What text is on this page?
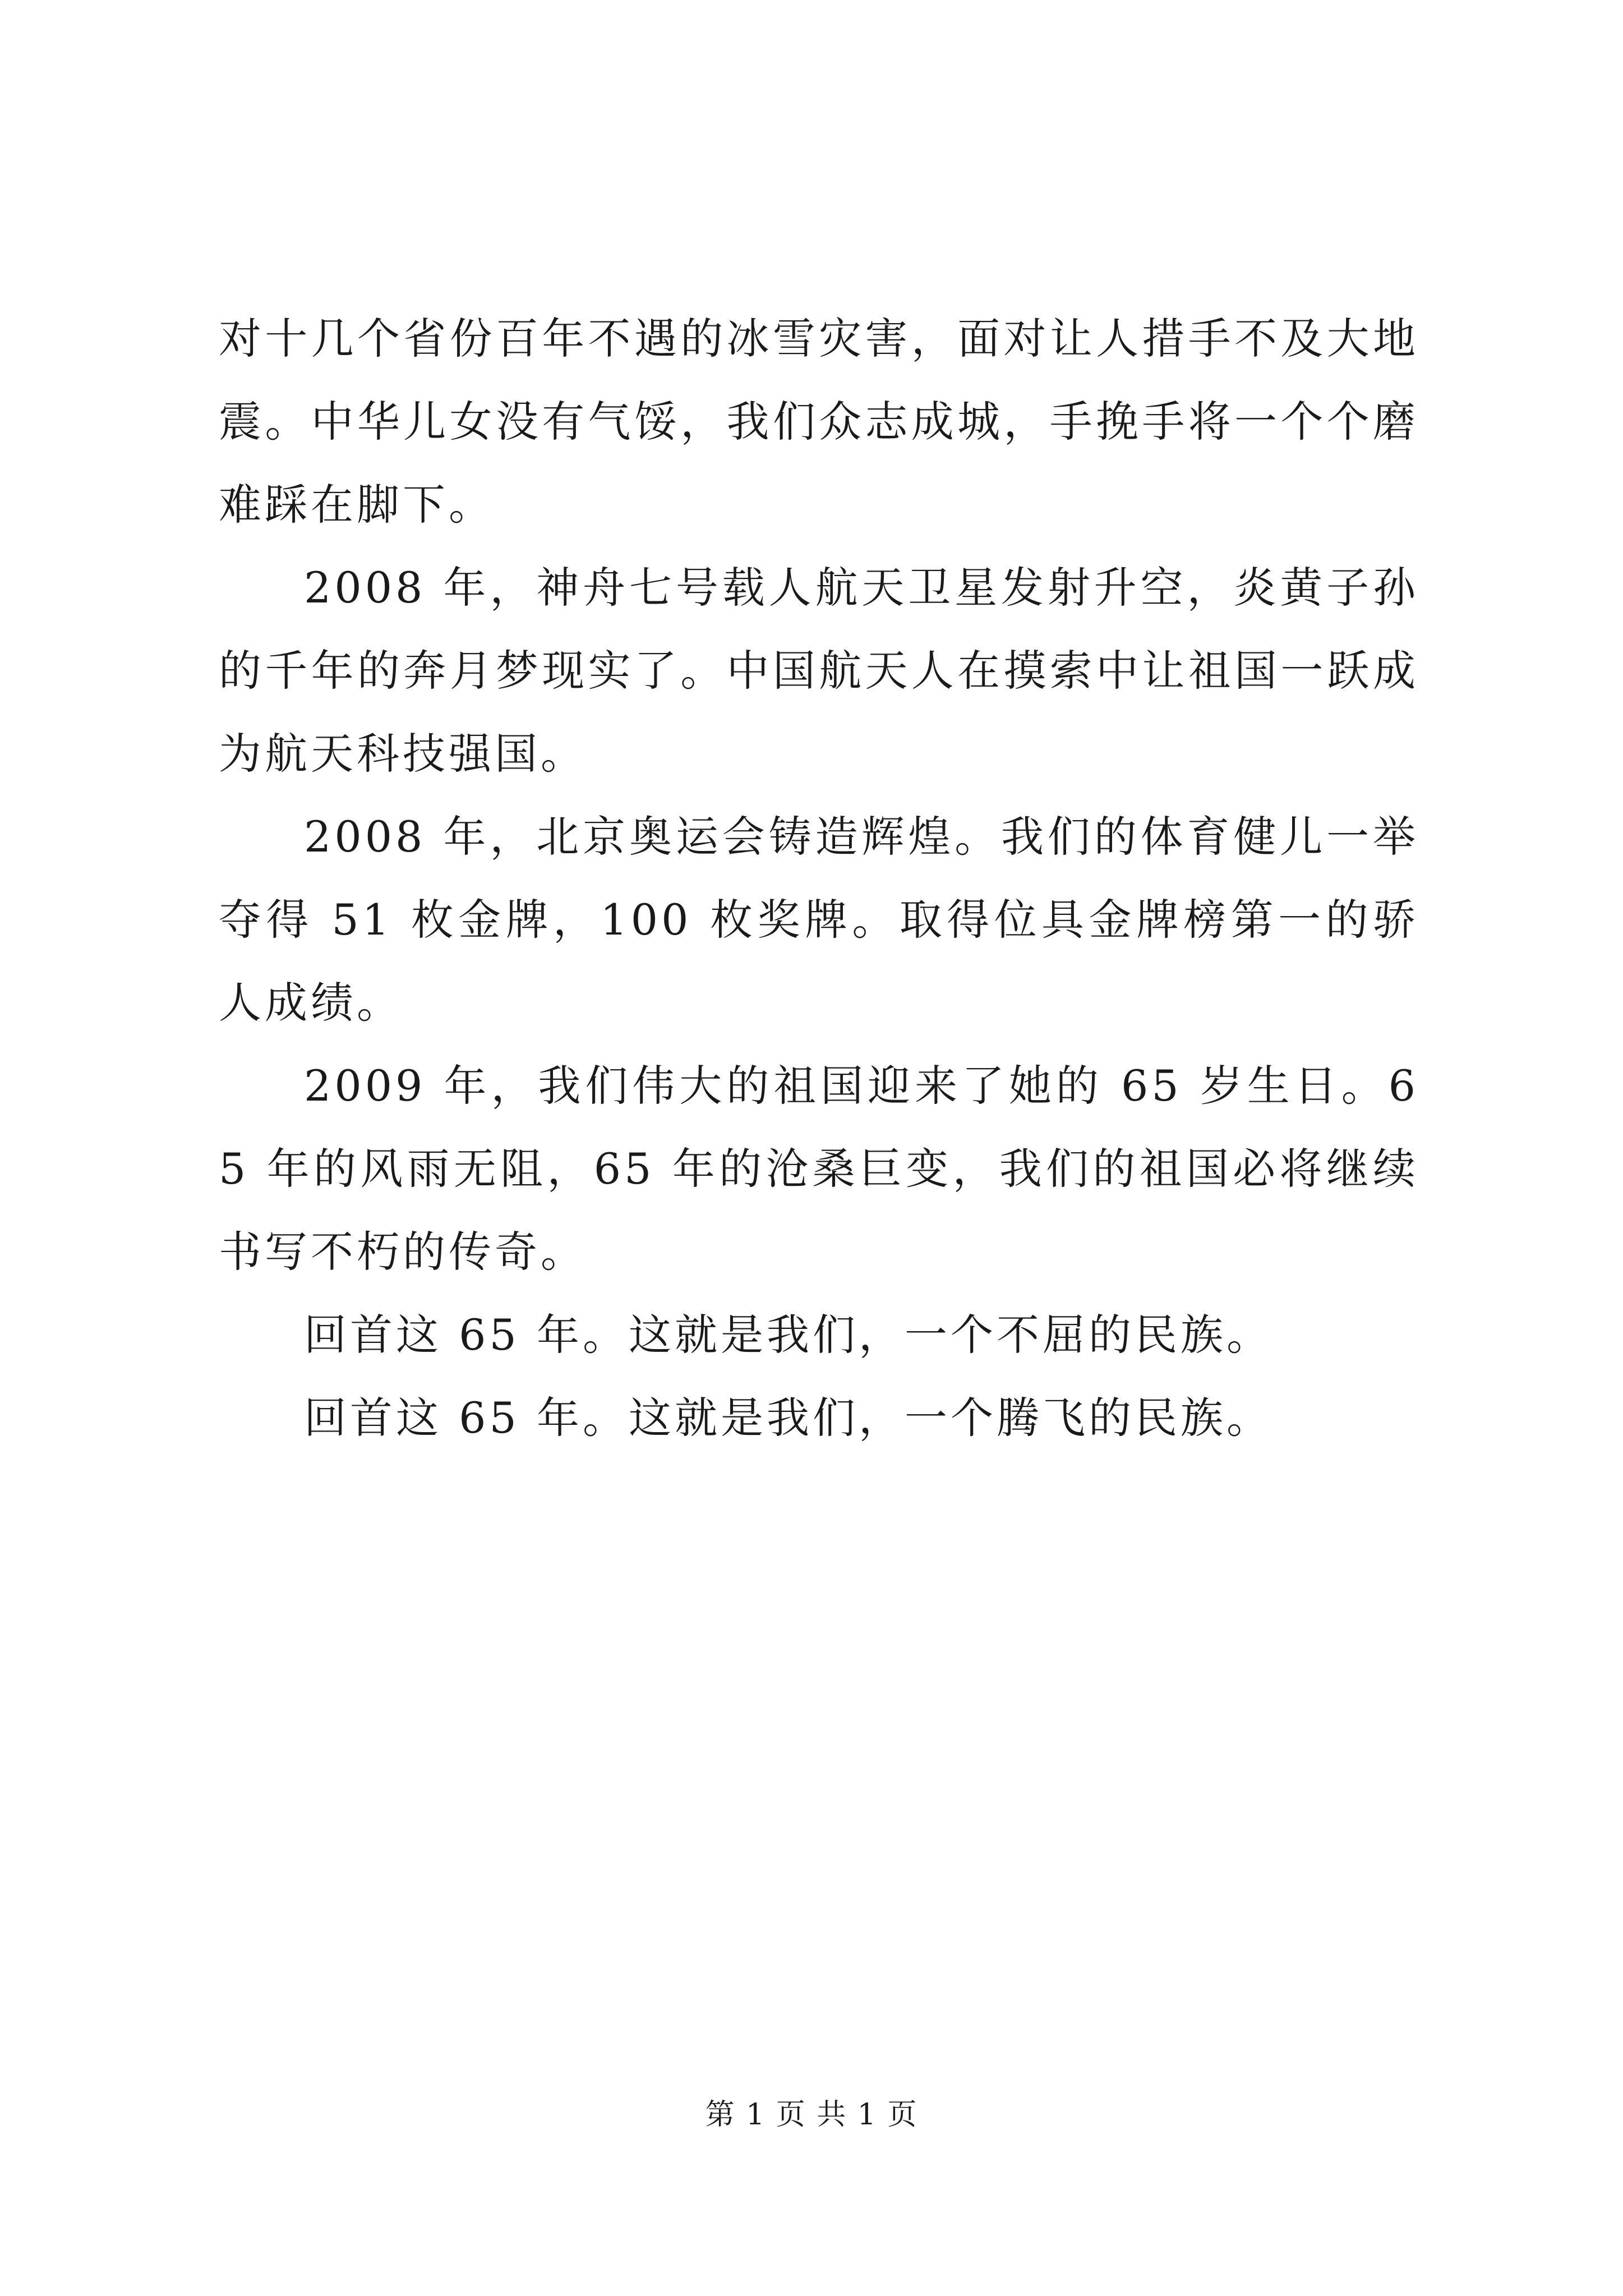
对十几个省份百年不遇的冰雪灾害，面对让人措手不及大地震。中华儿女没有气馁，我们众志成城，手挽手将一个个磨难踩在脚下。

2008 年，神舟七号载人航天卫星发射升空，炎黄子孙的千年的奔月梦现实了。中国航天人在摸索中让祖国一跃成为航天科技强国。

2008 年，北京奥运会铸造辉煌。我们的体育健儿一举夺得 51 枚金牌，100 枚奖牌。取得位具金牌榜第一的骄人成绩。

2009 年，我们伟大的祖国迎来了她的 65 岁生日。65 年的风雨无阻，65 年的沧桑巨变，我们的祖国必将继续书写不朽的传奇。

回首这 65 年。这就是我们，一个不屈的民族。

回首这 65 年。这就是我们，一个腾飞的民族。

第 1 页 共 1 页
